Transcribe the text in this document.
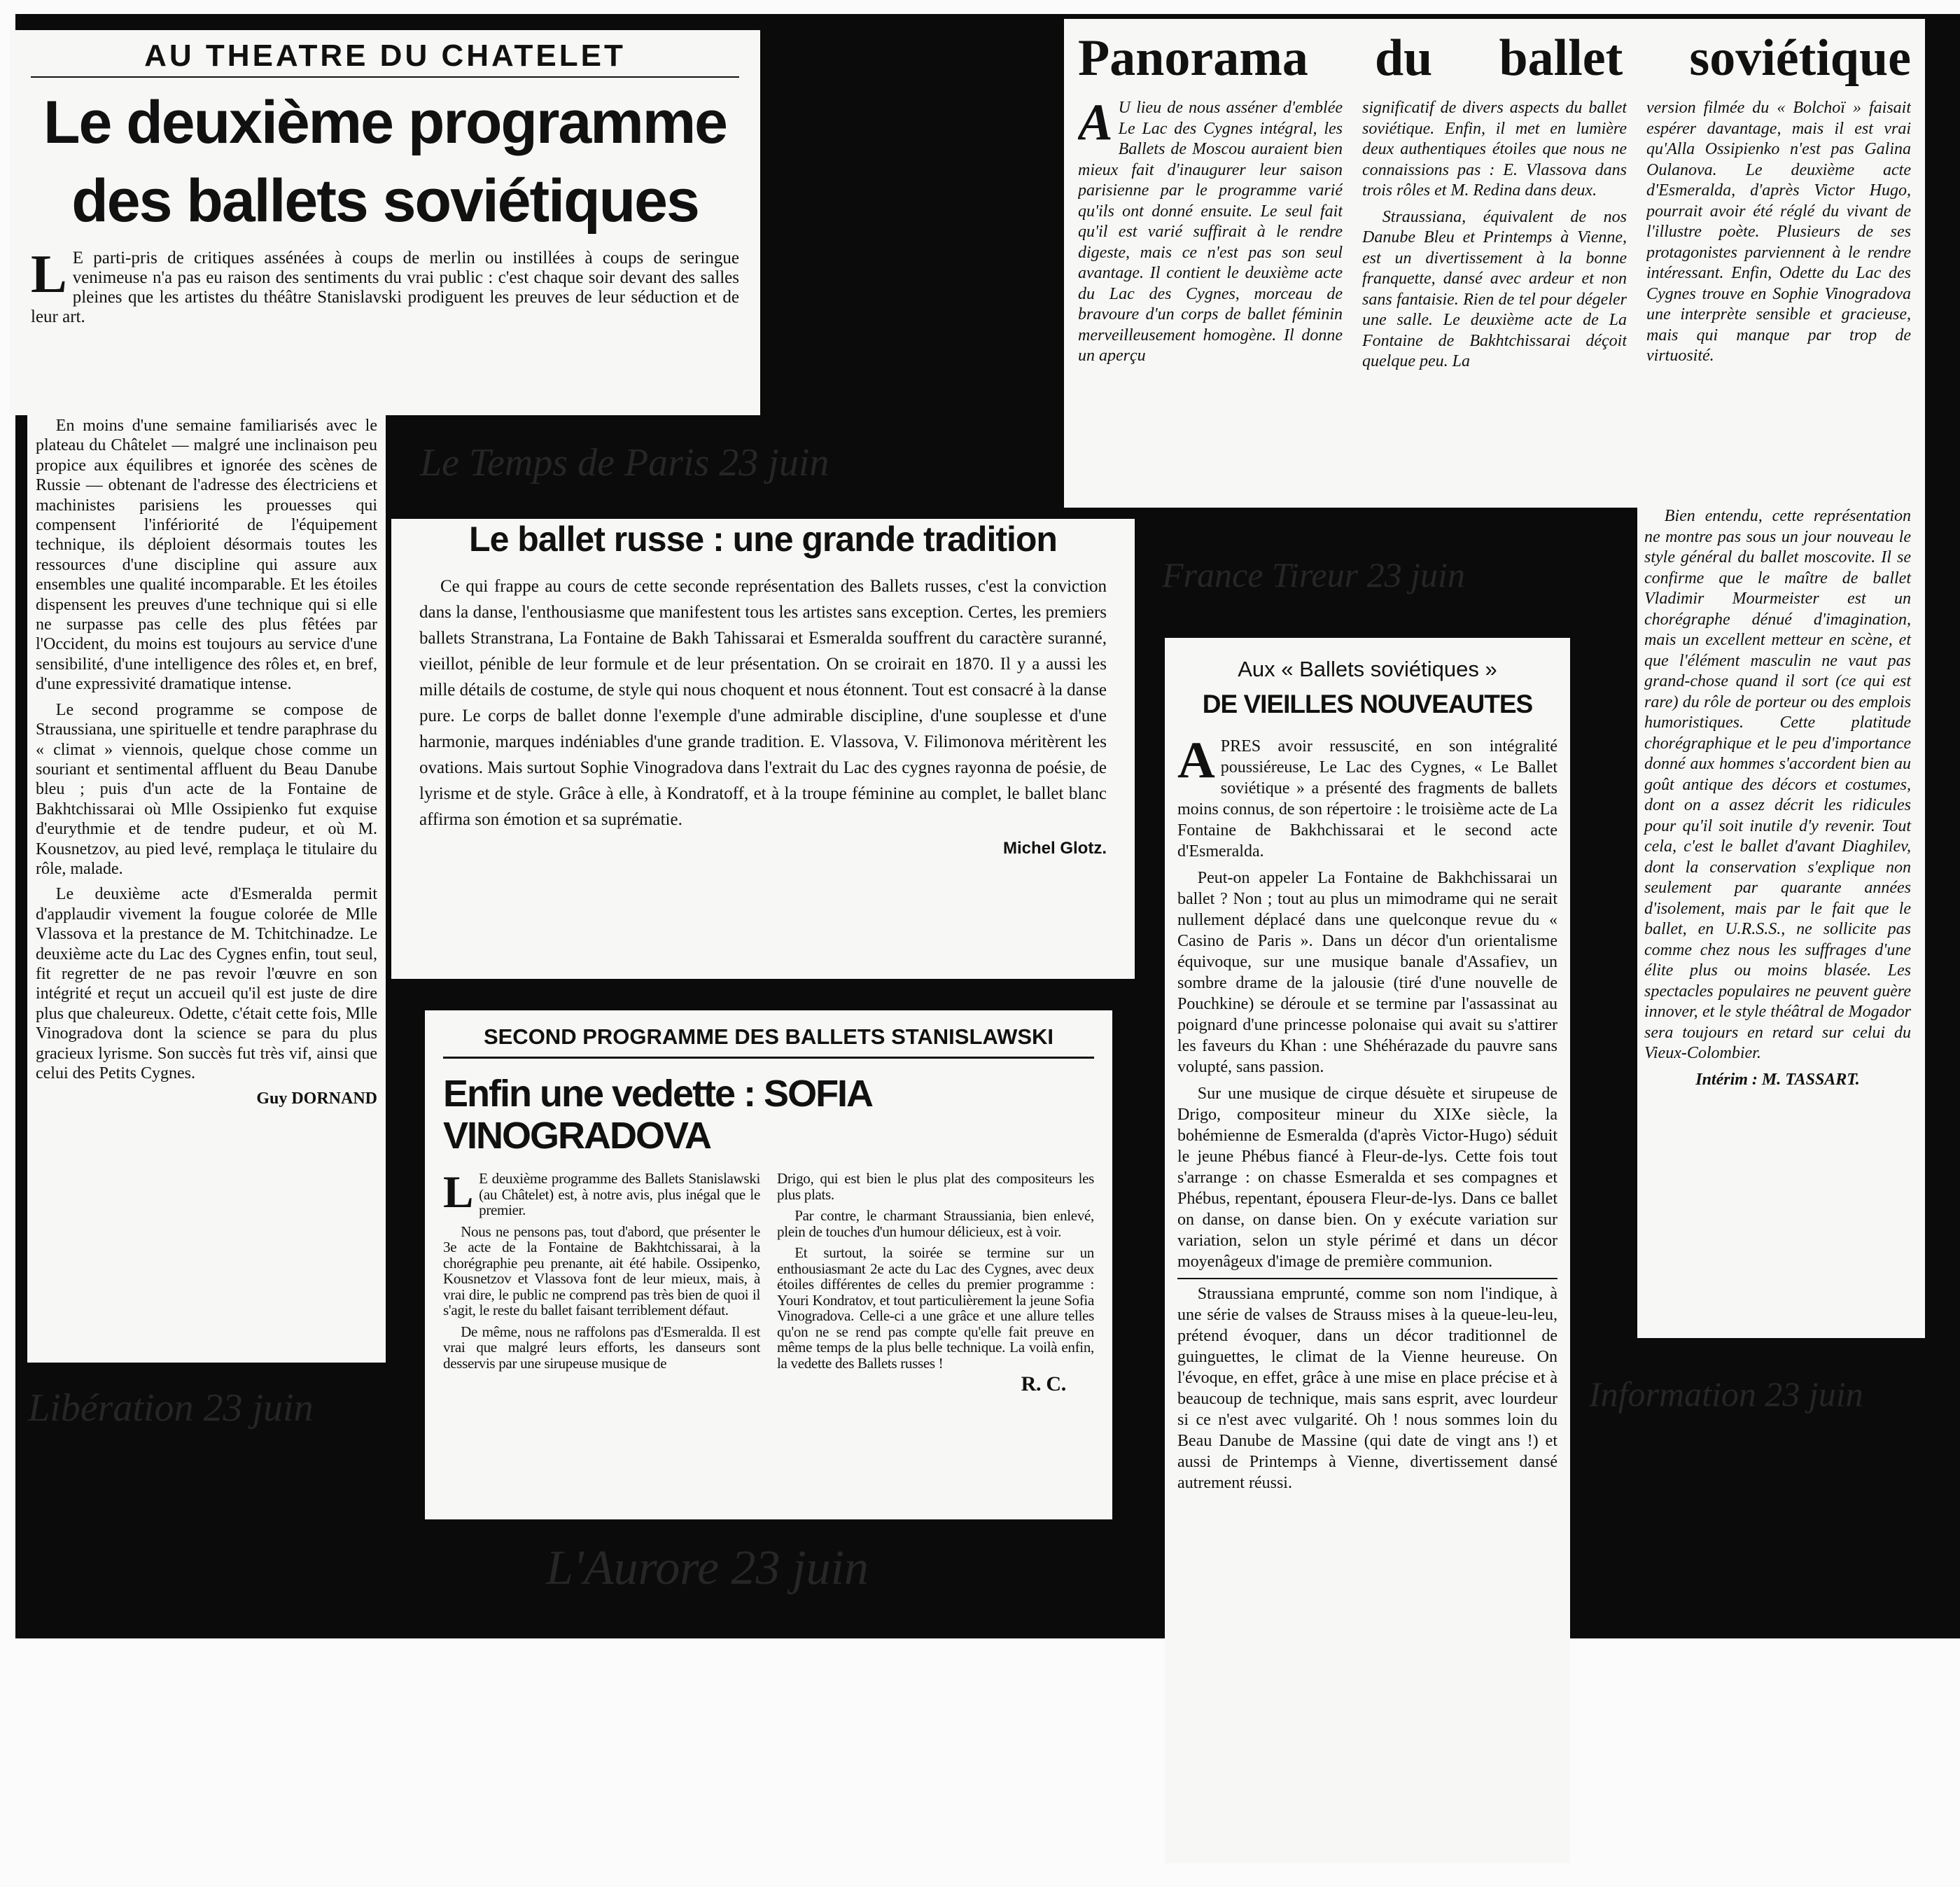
Le Temps de Paris 23 juin
France Tireur 23 juin
L'Aurore 23 juin
Libération 23 juin	Information 23 juin
AU THEATRE DU CHATELET
Le deuxième programme des ballets soviétiques

LE parti-pris de critiques assénées à coups de merlin ou instillées à coups de seringue venimeuse n'a pas eu raison des sentiments du vrai public : c'est chaque soir devant des salles pleines que les artistes du théâtre Stanislavski prodiguent les preuves de leur séduction et de leur art.

En moins d'une semaine familiarisés avec le plateau du Châtelet — malgré une inclinaison peu propice aux équilibres et ignorée des scènes de Russie — obtenant de l'adresse des électriciens et machinistes parisiens les prouesses qui compensent l'infériorité de l'équipement technique, ils déploient désormais toutes les ressources d'une discipline qui assure aux ensembles une qualité incomparable. Et les étoiles dispensent les preuves d'une technique qui si elle ne surpasse pas celle des plus fêtées par l'Occident, du moins est toujours au service d'une sensibilité, d'une intelligence des rôles et, en bref, d'une expressivité dramatique intense.

Le second programme se compose de Straussiana, une spirituelle et tendre paraphrase du « climat » viennois, quelque chose comme un souriant et sentimental affluent du Beau Danube bleu ; puis d'un acte de la Fontaine de Bakhtchissarai où Mlle Ossipienko fut exquise d'eurythmie et de tendre pudeur, et où M. Kousnetzov, au pied levé, remplaça le titulaire du rôle, malade.

Le deuxième acte d'Esmeralda permit d'applaudir vivement la fougue colorée de Mlle Vlassova et la prestance de M. Tchitchinadze. Le deuxième acte du Lac des Cygnes enfin, tout seul, fit regretter de ne pas revoir l'œuvre en son intégrité et reçut un accueil qu'il est juste de dire plus que chaleureux. Odette, c'était cette fois, Mlle Vinogradova dont la science se para du plus gracieux lyrisme. Son succès fut très vif, ainsi que celui des Petits Cygnes.

Guy DORNAND
Panorama du ballet soviétique

AU lieu de nous asséner d'emblée Le Lac des Cygnes intégral, les Ballets de Moscou auraient bien mieux fait d'inaugurer leur saison parisienne par le programme varié qu'ils ont donné ensuite. Le seul fait qu'il est varié suffirait à le rendre digeste, mais ce n'est pas son seul avantage. Il contient le deuxième acte du Lac des Cygnes, morceau de bravoure d'un corps de ballet féminin merveilleusement homogène. Il donne un aperçu

significatif de divers aspects du ballet soviétique. Enfin, il met en lumière deux authentiques étoiles que nous ne connaissions pas : E. Vlassova dans trois rôles et M. Redina dans deux.

Straussiana, équivalent de nos Danube Bleu et Printemps à Vienne, est un divertissement à la bonne franquette, dansé avec ardeur et non sans fantaisie. Rien de tel pour dégeler une salle. Le deuxième acte de La Fontaine de Bakhtchissarai déçoit quelque peu. La

version filmée du « Bolchoï » faisait espérer davantage, mais il est vrai qu'Alla Ossipienko n'est pas Galina Oulanova. Le deuxième acte d'Esmeralda, d'après Victor Hugo, pourrait avoir été réglé du vivant de l'illustre poète. Plusieurs de ses protagonistes parviennent à le rendre intéressant. Enfin, Odette du Lac des Cygnes trouve en Sophie Vinogradova une interprète sensible et gracieuse, mais qui manque par trop de virtuosité.

Bien entendu, cette représentation ne montre pas sous un jour nouveau le style général du ballet moscovite. Il se confirme que le maître de ballet Vladimir Mourmeister est un chorégraphe dénué d'imagination, mais un excellent metteur en scène, et que l'élément masculin ne vaut pas grand-chose quand il sort (ce qui est rare) du rôle de porteur ou des emplois humoristiques. Cette platitude chorégraphique et le peu d'importance donné aux hommes s'accordent bien au goût antique des décors et costumes, dont on a assez décrit les ridicules pour qu'il soit inutile d'y revenir. Tout cela, c'est le ballet d'avant Diaghilev, dont la conservation s'explique non seulement par quarante années d'isolement, mais par le fait que le ballet, en U.R.S.S., ne sollicite pas comme chez nous les suffrages d'une élite plus ou moins blasée. Les spectacles populaires ne peuvent guère innover, et le style théâtral de Mogador sera toujours en retard sur celui du Vieux-Colombier.

Intérim : M. TASSART.
Le ballet russe : une grande tradition

Ce qui frappe au cours de cette seconde représentation des Ballets russes, c'est la conviction dans la danse, l'enthousiasme que manifestent tous les artistes sans exception. Certes, les premiers ballets Stranstrana, La Fontaine de Bakh Tahissarai et Esmeralda souffrent du caractère suranné, vieillot, pénible de leur formule et de leur présentation. On se croirait en 1870. Il y a aussi les mille détails de costume, de style qui nous choquent et nous étonnent. Tout est consacré à la danse pure. Le corps de ballet donne l'exemple d'une admirable discipline, d'une souplesse et d'une harmonie, marques indéniables d'une grande tradition. E. Vlassova, V. Filimonova méritèrent les ovations. Mais surtout Sophie Vinogradova dans l'extrait du Lac des cygnes rayonna de poésie, de lyrisme et de style. Grâce à elle, à Kondratoff, et à la troupe féminine au complet, le ballet blanc affirma son émotion et sa suprématie.

Michel Glotz.
SECOND PROGRAMME DES BALLETS STANISLAWSKI
Enfin une vedette : SOFIA VINOGRADOVA

LE deuxième programme des Ballets Stanislawski (au Châtelet) est, à notre avis, plus inégal que le premier.

Nous ne pensons pas, tout d'abord, que présenter le 3e acte de la Fontaine de Bakhtchissarai, à la chorégraphie peu prenante, ait été habile. Ossipenko, Kousnetzov et Vlassova font de leur mieux, mais, à vrai dire, le public ne comprend pas très bien de quoi il s'agit, le reste du ballet faisant terriblement défaut.

De même, nous ne raffolons pas d'Esmeralda. Il est vrai que malgré leurs efforts, les danseurs sont desservis par une sirupeuse musique de

Drigo, qui est bien le plus plat des compositeurs les plus plats.

Par contre, le charmant Straussiania, bien enlevé, plein de touches d'un humour délicieux, est à voir.

Et surtout, la soirée se termine sur un enthousiasmant 2e acte du Lac des Cygnes, avec deux étoiles différentes de celles du premier programme : Youri Kondratov, et tout particulièrement la jeune Sofia Vinogradova. Celle-ci a une grâce et une allure telles qu'on ne se rend pas compte qu'elle fait preuve en même temps de la plus belle technique. La voilà enfin, la vedette des Ballets russes !

R. C.
Aux « Ballets soviétiques »
DE VIEILLES NOUVEAUTES

APRES avoir ressuscité, en son intégralité poussiéreuse, Le Lac des Cygnes, « Le Ballet soviétique » a présenté des fragments de ballets moins connus, de son répertoire : le troisième acte de La Fontaine de Bakhchissarai et le second acte d'Esmeralda.

Peut-on appeler La Fontaine de Bakhchissarai un ballet ? Non ; tout au plus un mimodrame qui ne serait nullement déplacé dans une quelconque revue du « Casino de Paris ». Dans un décor d'un orientalisme équivoque, sur une musique banale d'Assafiev, un sombre drame de la jalousie (tiré d'une nouvelle de Pouchkine) se déroule et se termine par l'assassinat au poignard d'une princesse polonaise qui avait su s'attirer les faveurs du Khan : une Shéhérazade du pauvre sans volupté, sans passion.

Sur une musique de cirque désuète et sirupeuse de Drigo, compositeur mineur du XIXe siècle, la bohémienne de Esmeralda (d'après Victor-Hugo) séduit le jeune Phébus fiancé à Fleur-de-lys. Cette fois tout s'arrange : on chasse Esmeralda et ses compagnes et Phébus, repentant, épousera Fleur-de-lys. Dans ce ballet on danse, on danse bien. On y exécute variation sur variation, selon un style périmé et dans un décor moyenâgeux d'image de première communion.

Straussiana emprunté, comme son nom l'indique, à une série de valses de Strauss mises à la queue-leu-leu, prétend évoquer, dans un décor traditionnel de guinguettes, le climat de la Vienne heureuse. On l'évoque, en effet, grâce à une mise en place précise et à beaucoup de technique, mais sans esprit, avec lourdeur si ce n'est avec vulgarité. Oh ! nous sommes loin du Beau Danube de Massine (qui date de vingt ans !) et aussi de Printemps à Vienne, divertissement dansé autrement réussi.
